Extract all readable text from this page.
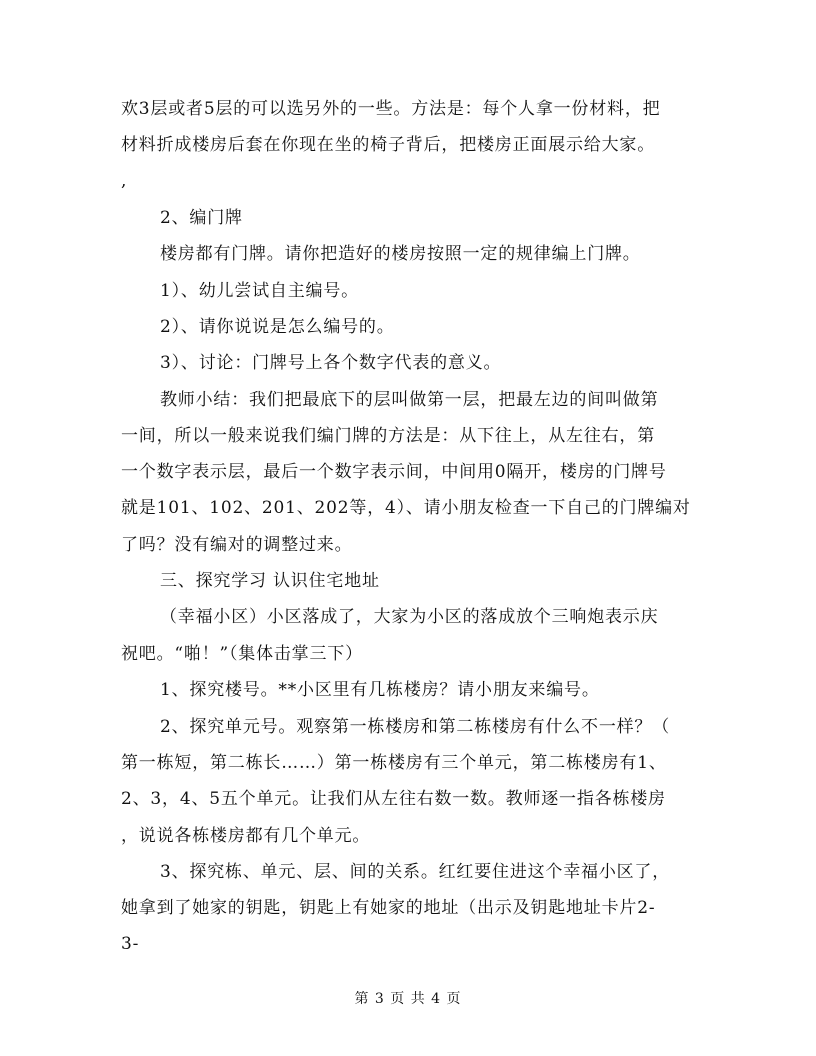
欢3层或者5层的可以选另外的一些。方法是：每个人拿一份材料，把
材料折成楼房后套在你现在坐的椅子背后，把楼房正面展示给大家。
,
2、编门牌
楼房都有门牌。请你把造好的楼房按照一定的规律编上门牌。
1）、幼儿尝试自主编号。
2）、请你说说是怎么编号的。
3）、讨论：门牌号上各个数字代表的意义。
教师小结：我们把最底下的层叫做第一层，把最左边的间叫做第
一间，所以一般来说我们编门牌的方法是：从下往上，从左往右，第
一个数字表示层，最后一个数字表示间，中间用0隔开，楼房的门牌号
就是101、102、201、202等，4）、请小朋友检查一下自己的门牌编对
了吗？没有编对的调整过来。
三、探究学习 认识住宅地址
（幸福小区）小区落成了，大家为小区的落成放个三响炮表示庆
祝吧。“啪！”（集体击掌三下）
1、探究楼号。**小区里有几栋楼房？请小朋友来编号。
2、探究单元号。观察第一栋楼房和第二栋楼房有什么不一样？（
第一栋短，第二栋长……）第一栋楼房有三个单元，第二栋楼房有1、
2、3，4、5五个单元。让我们从左往右数一数。教师逐一指各栋楼房
，说说各栋楼房都有几个单元。
3、探究栋、单元、层、间的关系。红红要住进这个幸福小区了，
她拿到了她家的钥匙，钥匙上有她家的地址（出示及钥匙地址卡片2-
3-
第 3 页 共 4 页
